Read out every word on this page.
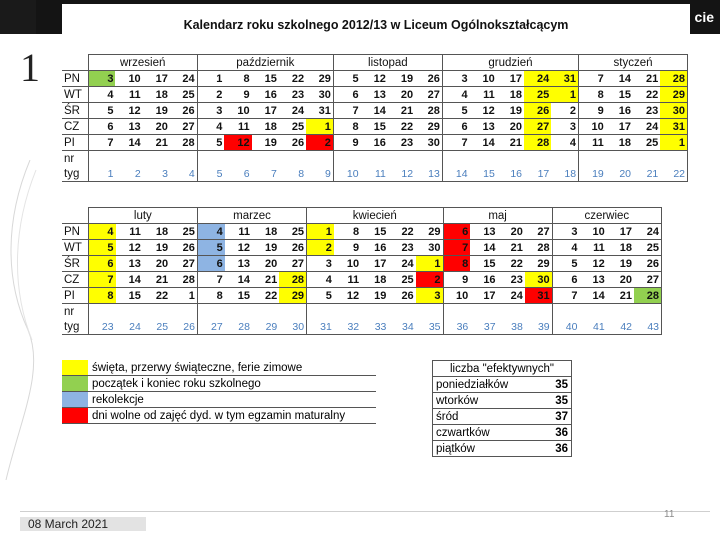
cie
1
Kalendarz roku szkolnego 2012/13 w Liceum Ogólnokształcącym
	wrzesień				październik					listopad				grudzień					styczeń			
PN	3	10	17	24	1	8	15	22	29	5	12	19	26	3	10	17	24	31	7	14	21	28
WT	4	11	18	25	2	9	16	23	30	6	13	20	27	4	11	18	25	1	8	15	22	29
ŚR	5	12	19	26	3	10	17	24	31	7	14	21	28	5	12	19	26	2	9	16	23	30
CZ	6	13	20	27	4	11	18	25	1	8	15	22	29	6	13	20	27	3	10	17	24	31
PI	7	14	21	28	5	12	19	26	2	9	16	23	30	7	14	21	28	4	11	18	25	1
nr																						
tyg	1	2	3	4	5	6	7	8	9	10	11	12	13	14	15	16	17	18	19	20	21	22
	luty				marzec				kwiecień					maj				czerwiec			
PN	4	11	18	25	4	11	18	25	1	8	15	22	29	6	13	20	27	3	10	17	24
WT	5	12	19	26	5	12	19	26	2	9	16	23	30	7	14	21	28	4	11	18	25
ŚR	6	13	20	27	6	13	20	27	3	10	17	24	1	8	15	22	29	5	12	19	26
CZ	7	14	21	28	7	14	21	28	4	11	18	25	2	9	16	23	30	6	13	20	27
PI	8	15	22	1	8	15	22	29	5	12	19	26	3	10	17	24	31	7	14	21	28
nr																					
tyg	23	24	25	26	27	28	29	30	31	32	33	34	35	36	37	38	39	40	41	42	43
	święta, przerwy świąteczne, ferie zimowe
	początek i koniec roku szkolnego
	rekolekcje
	dni wolne od zajęć dyd. w tym egzamin maturalny
liczba "efektywnych"	
poniedziałków	35
wtorków	35
śród	37
czwartków	36
piątków	36
08 March 2021
11
